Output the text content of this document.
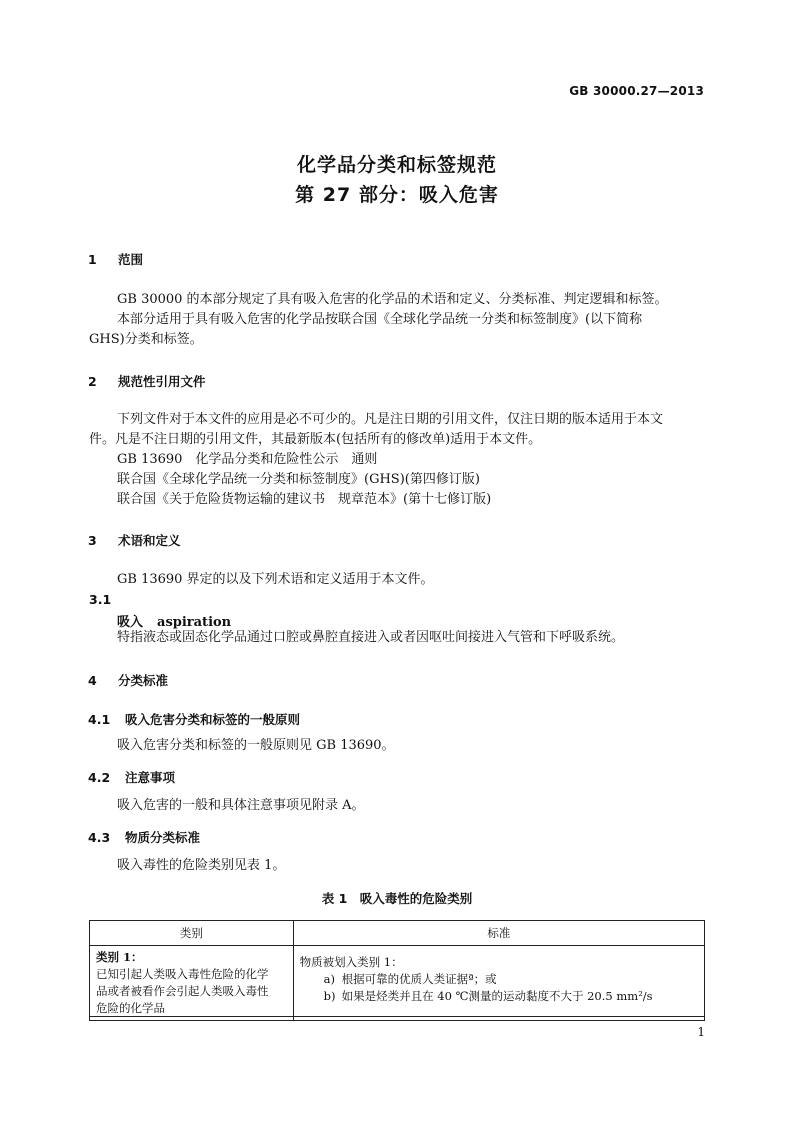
GB 30000.27—2013
化学品分类和标签规范
第 27 部分：吸入危害
1 范围

GB 30000 的本部分规定了具有吸入危害的化学品的术语和定义、分类标准、判定逻辑和标签。

本部分适用于具有吸入危害的化学品按联合国《全球化学品统一分类和标签制度》(以下简称

GHS)分类和标签。

2 规范性引用文件

下列文件对于本文件的应用是必不可少的。凡是注日期的引用文件，仅注日期的版本适用于本文

件。凡是不注日期的引用文件，其最新版本(包括所有的修改单)适用于本文件。

GB 13690　化学品分类和危险性公示　通则

联合国《全球化学品统一分类和标签制度》(GHS)(第四修订版)

联合国《关于危险货物运输的建议书　规章范本》(第十七修订版)

3 术语和定义

GB 13690 界定的以及下列术语和定义适用于本文件。

3.1
吸入 aspiration

特指液态或固态化学品通过口腔或鼻腔直接进入或者因呕吐间接进入气管和下呼吸系统。

4 分类标准
4.1 吸入危害分类和标签的一般原则

吸入危害分类和标签的一般原则见 GB 13690。

4.2 注意事项

吸入危害的一般和具体注意事项见附录 A。

4.3 物质分类标准

吸入毒性的危险类别见表 1。

表 1　吸入毒性的危险类别
类别	标准

类别 1：
已知引起人类吸入毒性危险的化学
品或者被看作会引起人类吸入毒性
危险的化学品	物质被划入类别 1：
a) 根据可靠的优质人类证据ª；或
b) 如果是烃类并且在 40 ℃测量的运动黏度不大于 20.5 mm²/s
1
